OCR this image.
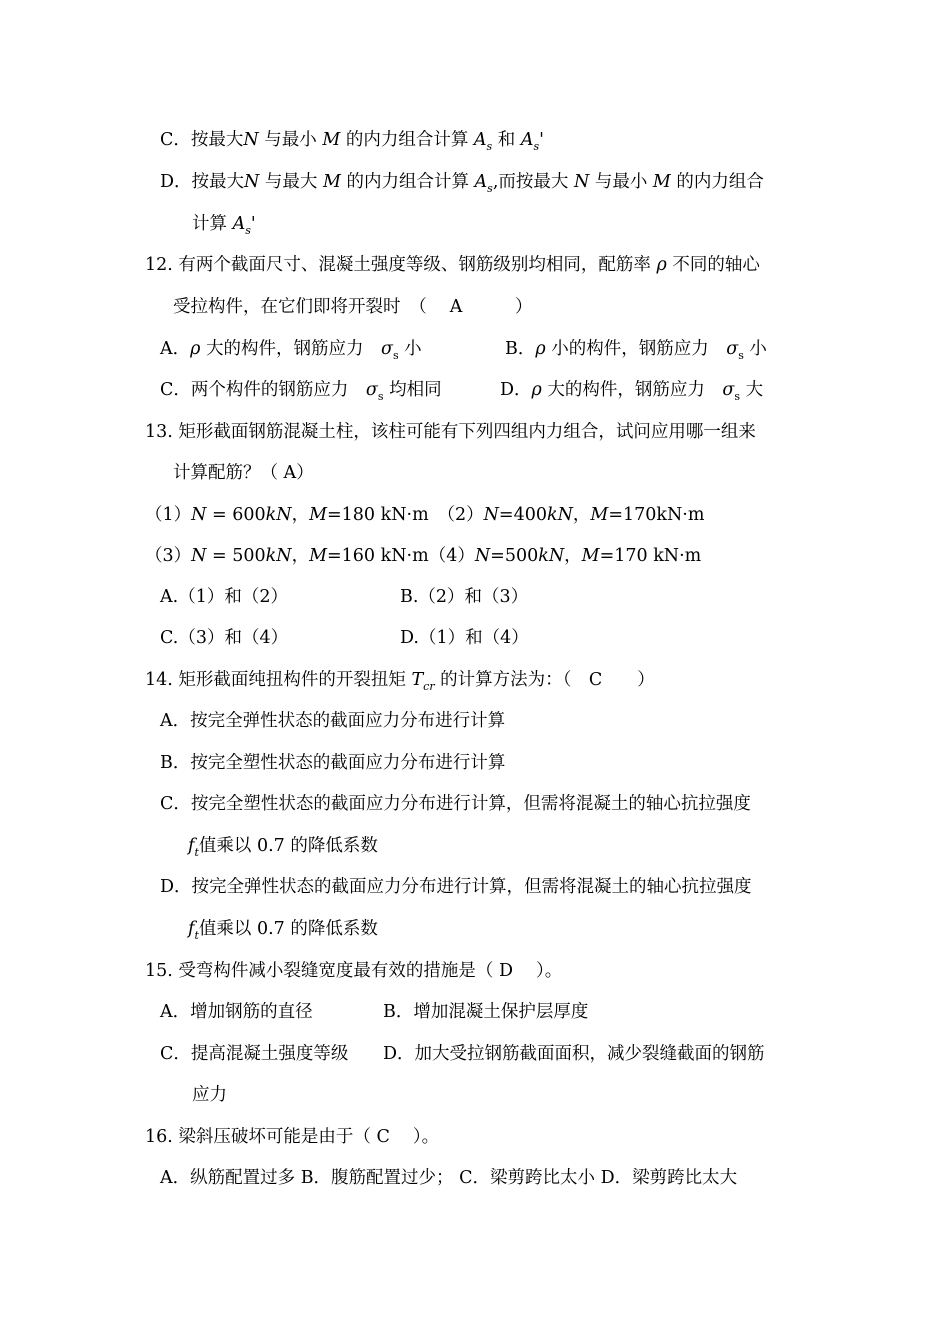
C．按最大N 与最小 M 的内力组合计算 $A_s$ 和 $A_s'$
D．按最大N 与最大 M 的内力组合计算 $A_s$,而按最大 N 与最小 M 的内力组合
计算 $A_s'$
12. 有两个截面尺寸、混凝土强度等级、钢筋级别均相同，配筋率 ρ 不同的轴心
受拉构件，在它们即将开裂时　（　 A　　　）
A．ρ 大的构件，钢筋应力　$\sigma_s$ 小	B．ρ 小的构件，钢筋应力　$\sigma_s$ 小
C．两个构件的钢筋应力　$\sigma_s$ 均相同	D．ρ 大的构件，钢筋应力　$\sigma_s$ 大
13. 矩形截面钢筋混凝土柱，该柱可能有下列四组内力组合，试问应用哪一组来
计算配筋？（ A）
（1）N = 600kN，M=180 kN·m　（2）N=400kN，M=170kN·m
（3）N = 500kN，M=160 kN·m（4）N=500kN，M=170 kN·m
A.（1）和（2）	B.（2）和（3）
C.（3）和（4）	D.（1）和（4）
14. 矩形截面纯扭构件的开裂扭矩 $T_{cr}$ 的计算方法为：（　C　　）
A．按完全弹性状态的截面应力分布进行计算
B．按完全塑性状态的截面应力分布进行计算
C．按完全塑性状态的截面应力分布进行计算，但需将混凝土的轴心抗拉强度
$f_t$值乘以 0.7 的降低系数
D．按完全弹性状态的截面应力分布进行计算，但需将混凝土的轴心抗拉强度
$f_t$值乘以 0.7 的降低系数
15. 受弯构件减小裂缝宽度最有效的措施是（ D　 ）。
A．增加钢筋的直径	B．增加混凝土保护层厚度
C．提高混凝土强度等级 D．加大受拉钢筋截面面积，减少裂缝截面的钢筋
应力
16. 梁斜压破坏可能是由于（ C　 ）。
A．纵筋配置过多 B．腹筋配置过少； C．梁剪跨比太小 D．梁剪跨比太大
